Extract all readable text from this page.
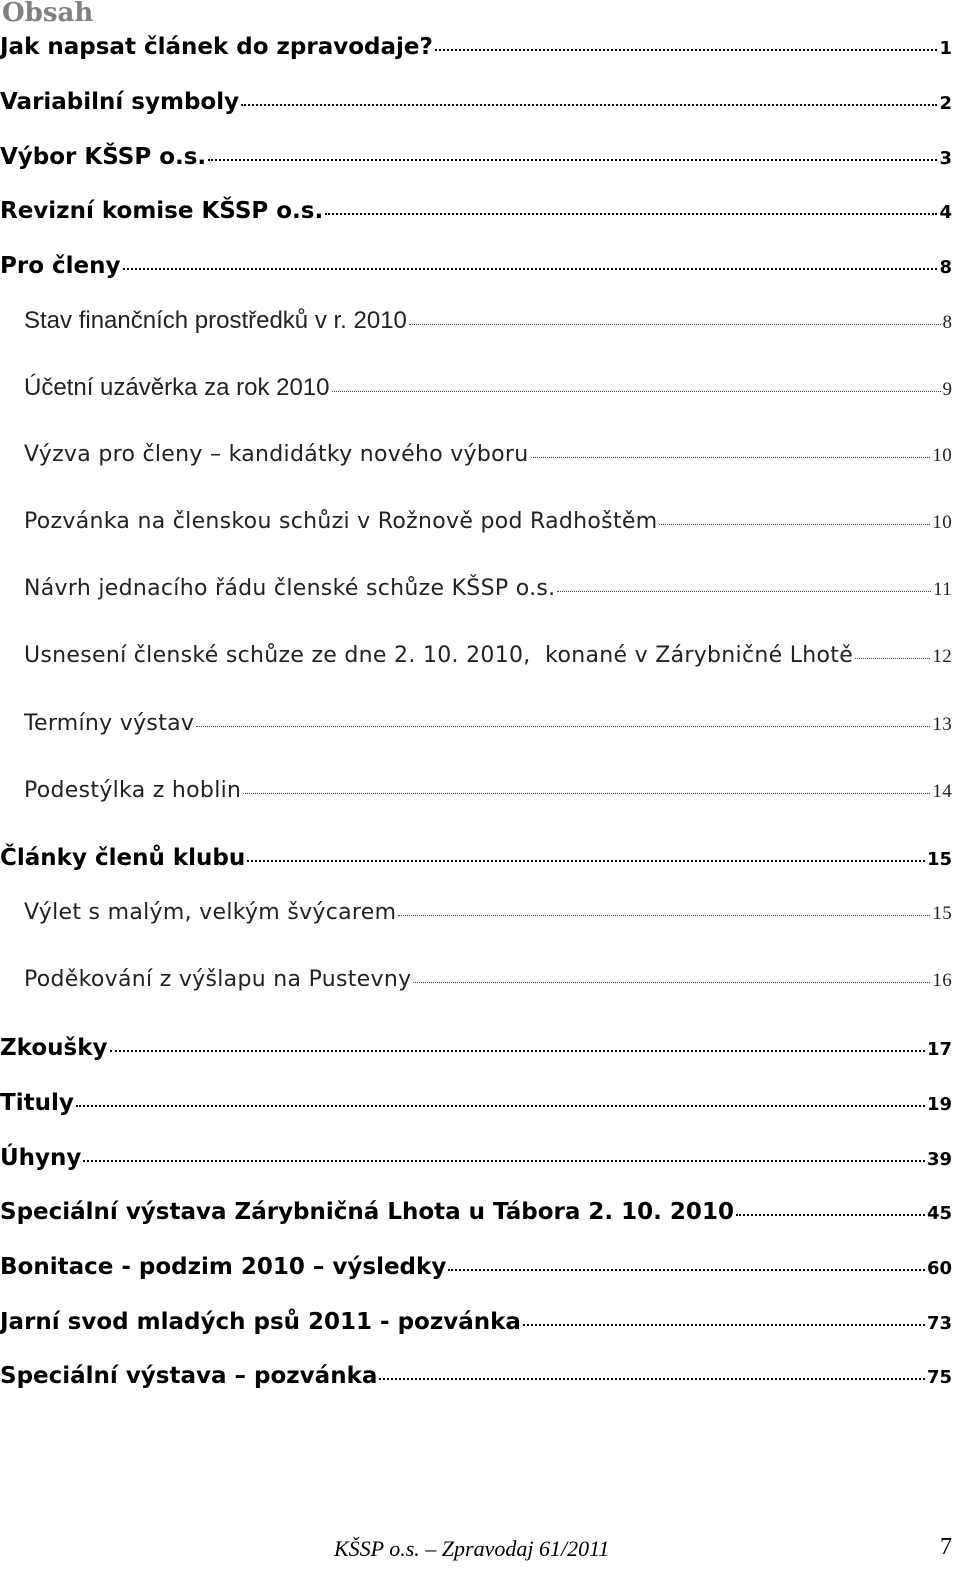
Obsah
Jak napsat článek do zpravodaje?	1
Variabilní symboly	2
Výbor KŠSP o.s.	3
Revizní komise KŠSP o.s.	4
Pro členy	8
Stav finančních prostředků v r. 2010	8
Účetní uzávěrka za rok 2010	9
Výzva pro členy – kandidátky nového výboru	10
Pozvánka na členskou schůzi v Rožnově pod Radhoštěm	10
Návrh jednacího řádu členské schůze KŠSP o.s.	11
Usnesení členské schůze ze dne 2. 10. 2010,  konané v Zárybničné Lhotě	12
Termíny výstav	13
Podestýlka z hoblin	14
Články členů klubu	15
Výlet s malým, velkým švýcarem	15
Poděkování z výšlapu na Pustevny	16
Zkoušky	17
Tituly	19
Úhyny	39
Speciální výstava Zárybničná Lhota u Tábora 2. 10. 2010	45
Bonitace - podzim 2010 – výsledky	60
Jarní svod mladých psů 2011 - pozvánka	73
Speciální výstava – pozvánka	75
KŠSP o.s. – Zpravodaj 61/2011	7
